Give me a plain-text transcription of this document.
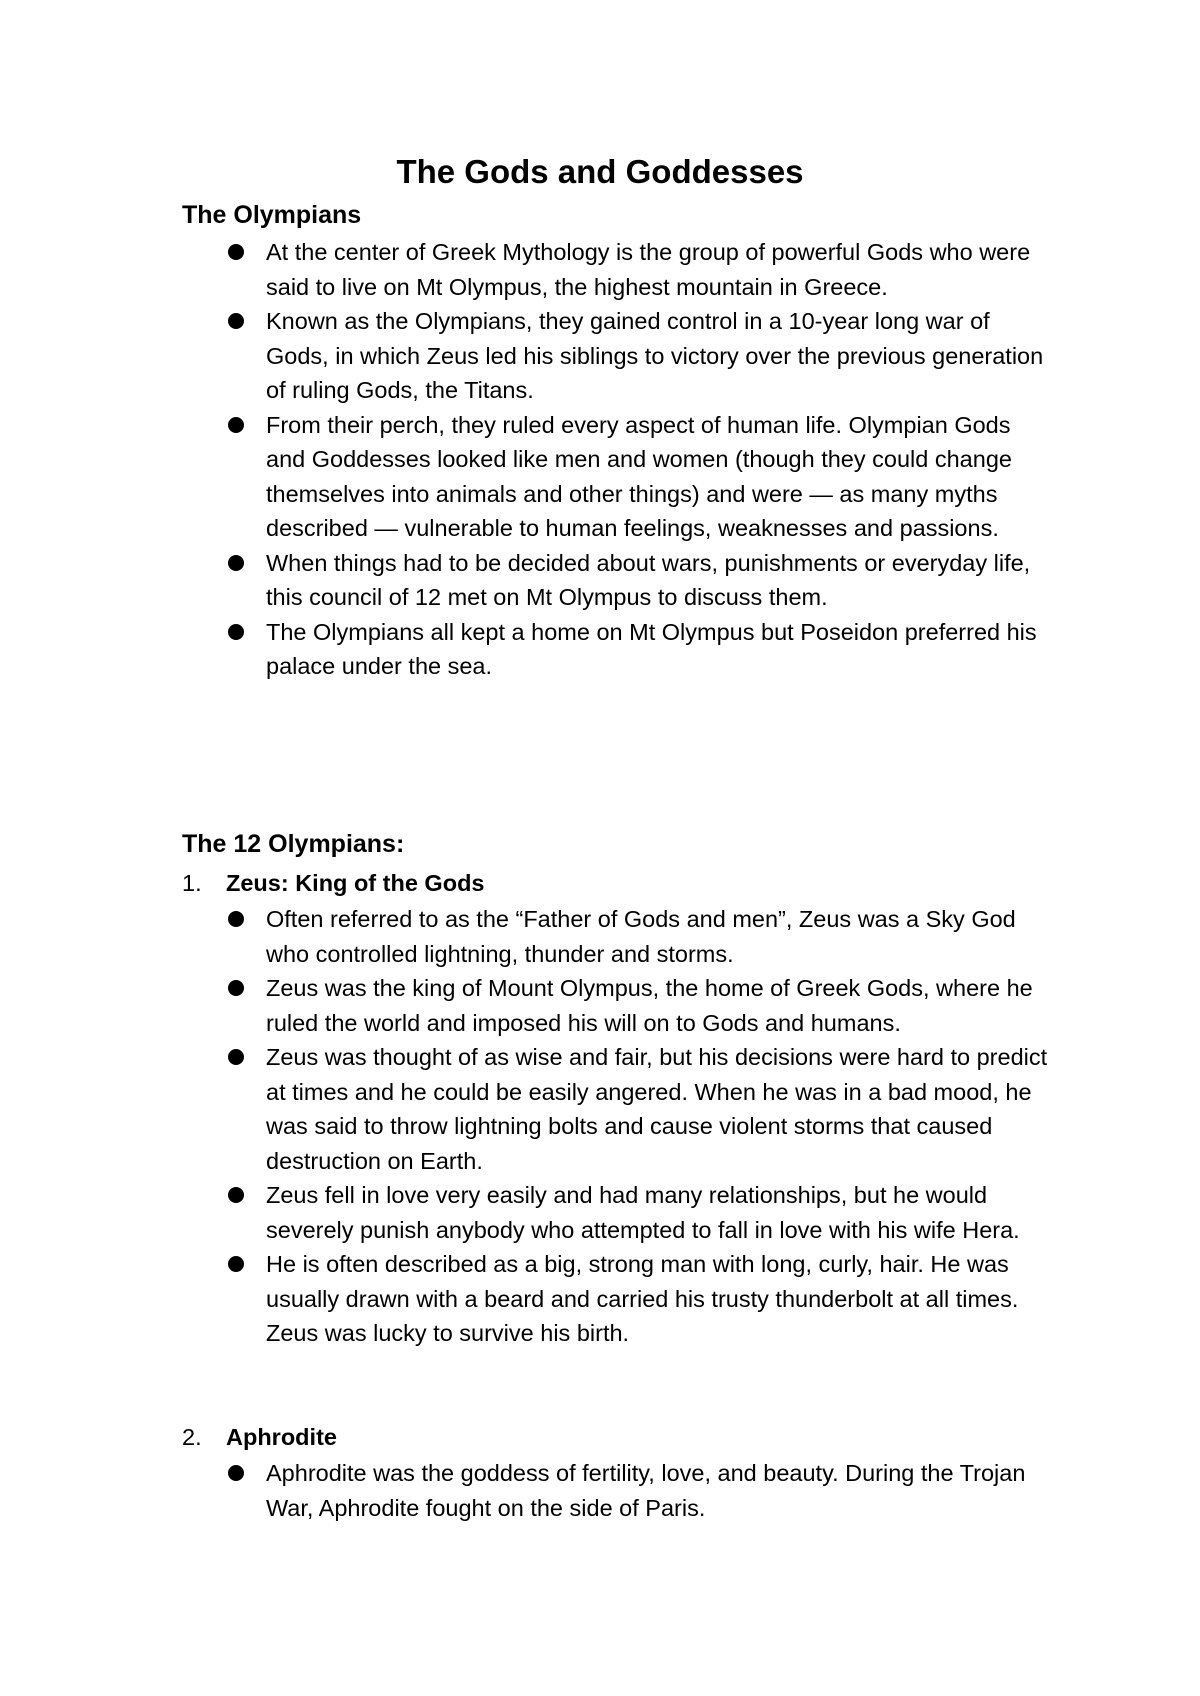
The Gods and Goddesses
The Olympians
At the center of Greek Mythology is the group of powerful Gods who were said to live on Mt Olympus, the highest mountain in Greece.
Known as the Olympians, they gained control in a 10-year long war of Gods, in which Zeus led his siblings to victory over the previous generation of ruling Gods, the Titans.
From their perch, they ruled every aspect of human life. Olympian Gods and Goddesses looked like men and women (though they could change themselves into animals and other things) and were — as many myths described — vulnerable to human feelings, weaknesses and passions.
When things had to be decided about wars, punishments or everyday life, this council of 12 met on Mt Olympus to discuss them.
The Olympians all kept a home on Mt Olympus but Poseidon preferred his palace under the sea.
The 12 Olympians:
1. Zeus: King of the Gods
Often referred to as the “Father of Gods and men”, Zeus was a Sky God who controlled lightning, thunder and storms.
Zeus was the king of Mount Olympus, the home of Greek Gods, where he ruled the world and imposed his will on to Gods and humans.
Zeus was thought of as wise and fair, but his decisions were hard to predict at times and he could be easily angered. When he was in a bad mood, he was said to throw lightning bolts and cause violent storms that caused destruction on Earth.
Zeus fell in love very easily and had many relationships, but he would severely punish anybody who attempted to fall in love with his wife Hera.
He is often described as a big, strong man with long, curly, hair. He was usually drawn with a beard and carried his trusty thunderbolt at all times. Zeus was lucky to survive his birth.
2. Aphrodite
Aphrodite was the goddess of fertility, love, and beauty. During the Trojan War, Aphrodite fought on the side of Paris.
